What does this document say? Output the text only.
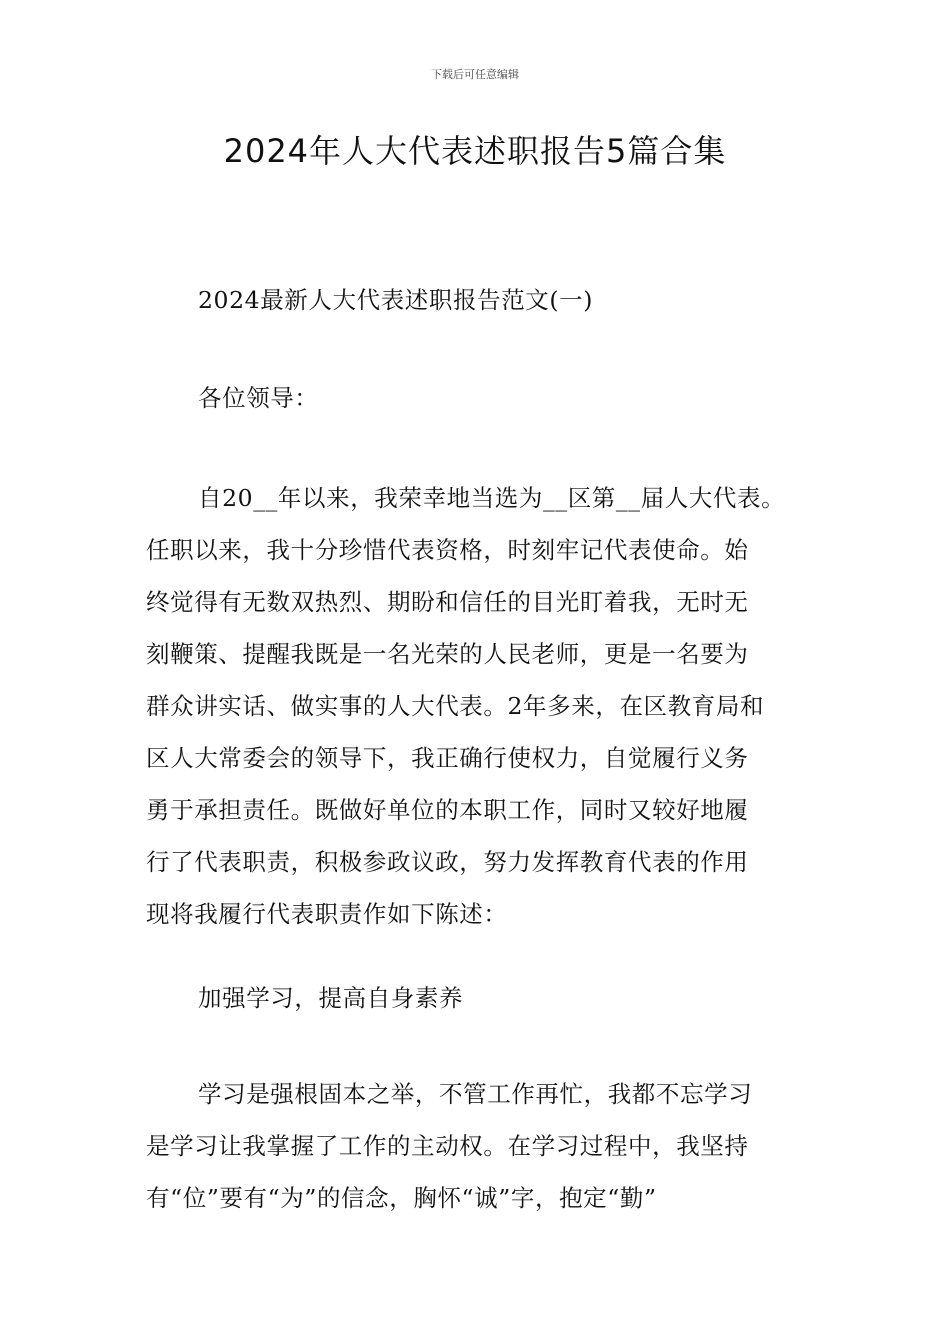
下载后可任意编辑
2024年人大代表述职报告5篇合集
2024最新人大代表述职报告范文(一)
各位领导：
自20__年以来，我荣幸地当选为__区第__届人大代表。
任职以来，我十分珍惜代表资格，时刻牢记代表使命。始
终觉得有无数双热烈、期盼和信任的目光盯着我，无时无
刻鞭策、提醒我既是一名光荣的人民老师，更是一名要为
群众讲实话、做实事的人大代表。2年多来，在区教育局和
区人大常委会的领导下，我正确行使权力，自觉履行义务
勇于承担责任。既做好单位的本职工作，同时又较好地履
行了代表职责，积极参政议政，努力发挥教育代表的作用
现将我履行代表职责作如下陈述：
加强学习，提高自身素养
学习是强根固本之举，不管工作再忙，我都不忘学习
是学习让我掌握了工作的主动权。在学习过程中，我坚持
有“位”要有“为”的信念，胸怀“诚”字，抱定“勤”
